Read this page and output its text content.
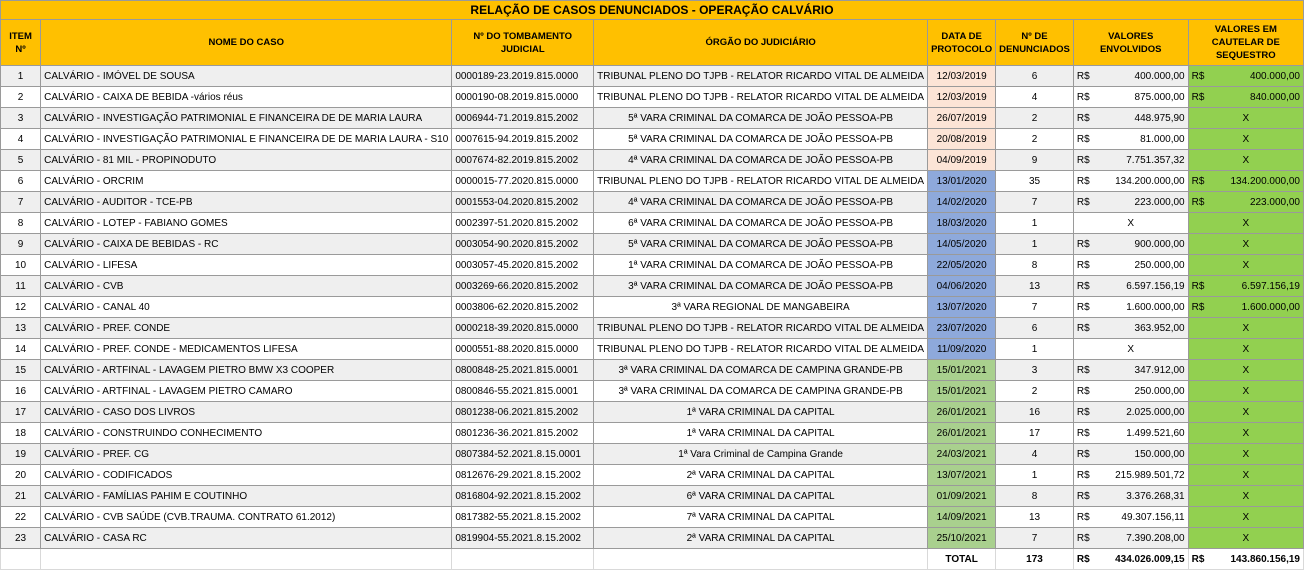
RELAÇÃO DE CASOS DENUNCIADOS - OPERAÇÃO CALVÁRIO							
ITEM Nº	NOME DO CASO	Nº DO TOMBAMENTO JUDICIAL	ÓRGÃO DO JUDICIÁRIO	DATA DE PROTOCOLO	Nº DE DENUNCIADOS	VALORES ENVOLVIDOS	VALORES EM CAUTELAR DE SEQUESTRO
1	CALVÁRIO - IMÓVEL DE SOUSA	0000189-23.2019.815.0000	TRIBUNAL PLENO DO TJPB - RELATOR RICARDO VITAL DE ALMEIDA	12/03/2019	6	R$ 400.000,00	R$ 400.000,00

2	CALVÁRIO - CAIXA DE BEBIDA -vários réus	0000190-08.2019.815.0000	TRIBUNAL PLENO DO TJPB - RELATOR RICARDO VITAL DE ALMEIDA	12/03/2019	4	R$ 875.000,00	R$ 840.000,00

3	CALVÁRIO - INVESTIGAÇÃO PATRIMONIAL E FINANCEIRA DE DE MARIA LAURA	0006944-71.2019.815.2002	5ª VARA CRIMINAL DA COMARCA DE JOÃO PESSOA-PB	26/07/2019	2	R$ 448.975,90	X
4	CALVÁRIO - INVESTIGAÇÃO PATRIMONIAL E FINANCEIRA DE DE MARIA LAURA - S10	0007615-94.2019.815.2002	5ª VARA CRIMINAL DA COMARCA DE JOÃO PESSOA-PB	20/08/2019	2	R$ 81.000,00	X
5	CALVÁRIO - 81 MIL - PROPINODUTO	0007674-82.2019.815.2002	4ª VARA CRIMINAL DA COMARCA DE JOÃO PESSOA-PB	04/09/2019	9	R$ 7.751.357,32	X
6	CALVÁRIO - ORCRIM	0000015-77.2020.815.0000	TRIBUNAL PLENO DO TJPB - RELATOR RICARDO VITAL DE ALMEIDA	13/01/2020	35	R$ 134.200.000,00	R$ 134.200.000,00

7	CALVÁRIO - AUDITOR - TCE-PB	0001553-04.2020.815.2002	4ª VARA CRIMINAL DA COMARCA DE JOÃO PESSOA-PB	14/02/2020	7	R$ 223.000,00	R$ 223.000,00

8	CALVÁRIO - LOTEP - FABIANO GOMES	0002397-51.2020.815.2002	6ª VARA CRIMINAL DA COMARCA DE JOÃO PESSOA-PB	18/03/2020	1	X	X
9	CALVÁRIO - CAIXA DE BEBIDAS - RC	0003054-90.2020.815.2002	5ª VARA CRIMINAL DA COMARCA DE JOÃO PESSOA-PB	14/05/2020	1	R$ 900.000,00	X
10	CALVÁRIO - LIFESA	0003057-45.2020.815.2002	1ª VARA CRIMINAL DA COMARCA DE JOÃO PESSOA-PB	22/05/2020	8	R$ 250.000,00	X
11	CALVÁRIO - CVB	0003269-66.2020.815.2002	3ª VARA CRIMINAL DA COMARCA DE JOÃO PESSOA-PB	04/06/2020	13	R$ 6.597.156,19	R$ 6.597.156,19

12	CALVÁRIO - CANAL 40	0003806-62.2020.815.2002	3ª VARA REGIONAL DE MANGABEIRA	13/07/2020	7	R$ 1.600.000,00	R$ 1.600.000,00

13	CALVÁRIO - PREF. CONDE	0000218-39.2020.815.0000	TRIBUNAL PLENO DO TJPB - RELATOR RICARDO VITAL DE ALMEIDA	23/07/2020	6	R$ 363.952,00	X
14	CALVÁRIO - PREF. CONDE - MEDICAMENTOS LIFESA	0000551-88.2020.815.0000	TRIBUNAL PLENO DO TJPB - RELATOR RICARDO VITAL DE ALMEIDA	11/09/2020	1	X	X
15	CALVÁRIO - ARTFINAL - LAVAGEM PIETRO BMW X3 COOPER	0800848-25.2021.815.0001	3ª VARA CRIMINAL DA COMARCA DE CAMPINA GRANDE-PB	15/01/2021	3	R$ 347.912,00	X
16	CALVÁRIO - ARTFINAL - LAVAGEM PIETRO CAMARO	0800846-55.2021.815.0001	3ª VARA CRIMINAL DA COMARCA DE CAMPINA GRANDE-PB	15/01/2021	2	R$ 250.000,00	X
17	CALVÁRIO - CASO DOS LIVROS	0801238-06.2021.815.2002	1ª VARA CRIMINAL DA CAPITAL	26/01/2021	16	R$ 2.025.000,00	X
18	CALVÁRIO - CONSTRUINDO CONHECIMENTO	0801236-36.2021.815.2002	1ª VARA CRIMINAL DA CAPITAL	26/01/2021	17	R$ 1.499.521,60	X
19	CALVÁRIO - PREF. CG	0807384-52.2021.8.15.0001	1ª Vara Criminal de Campina Grande	24/03/2021	4	R$ 150.000,00	X
20	CALVÁRIO - CODIFICADOS	0812676-29.2021.8.15.2002	2ª VARA CRIMINAL DA CAPITAL	13/07/2021	1	R$ 215.989.501,72	X
21	CALVÁRIO - FAMÍLIAS PAHIM E COUTINHO	0816804-92.2021.8.15.2002	6ª VARA CRIMINAL DA CAPITAL	01/09/2021	8	R$ 3.376.268,31	X
22	CALVÁRIO - CVB SAÚDE (CVB.TRAUMA. CONTRATO 61.2012)	0817382-55.2021.8.15.2002	7ª VARA CRIMINAL DA CAPITAL	14/09/2021	13	R$ 49.307.156,11	X
23	CALVÁRIO - CASA RC	0819904-55.2021.8.15.2002	2ª VARA CRIMINAL DA CAPITAL	25/10/2021	7	R$ 7.390.208,00	X
				TOTAL	173	R$ 434.026.009,15	R$ 143.860.156,19
